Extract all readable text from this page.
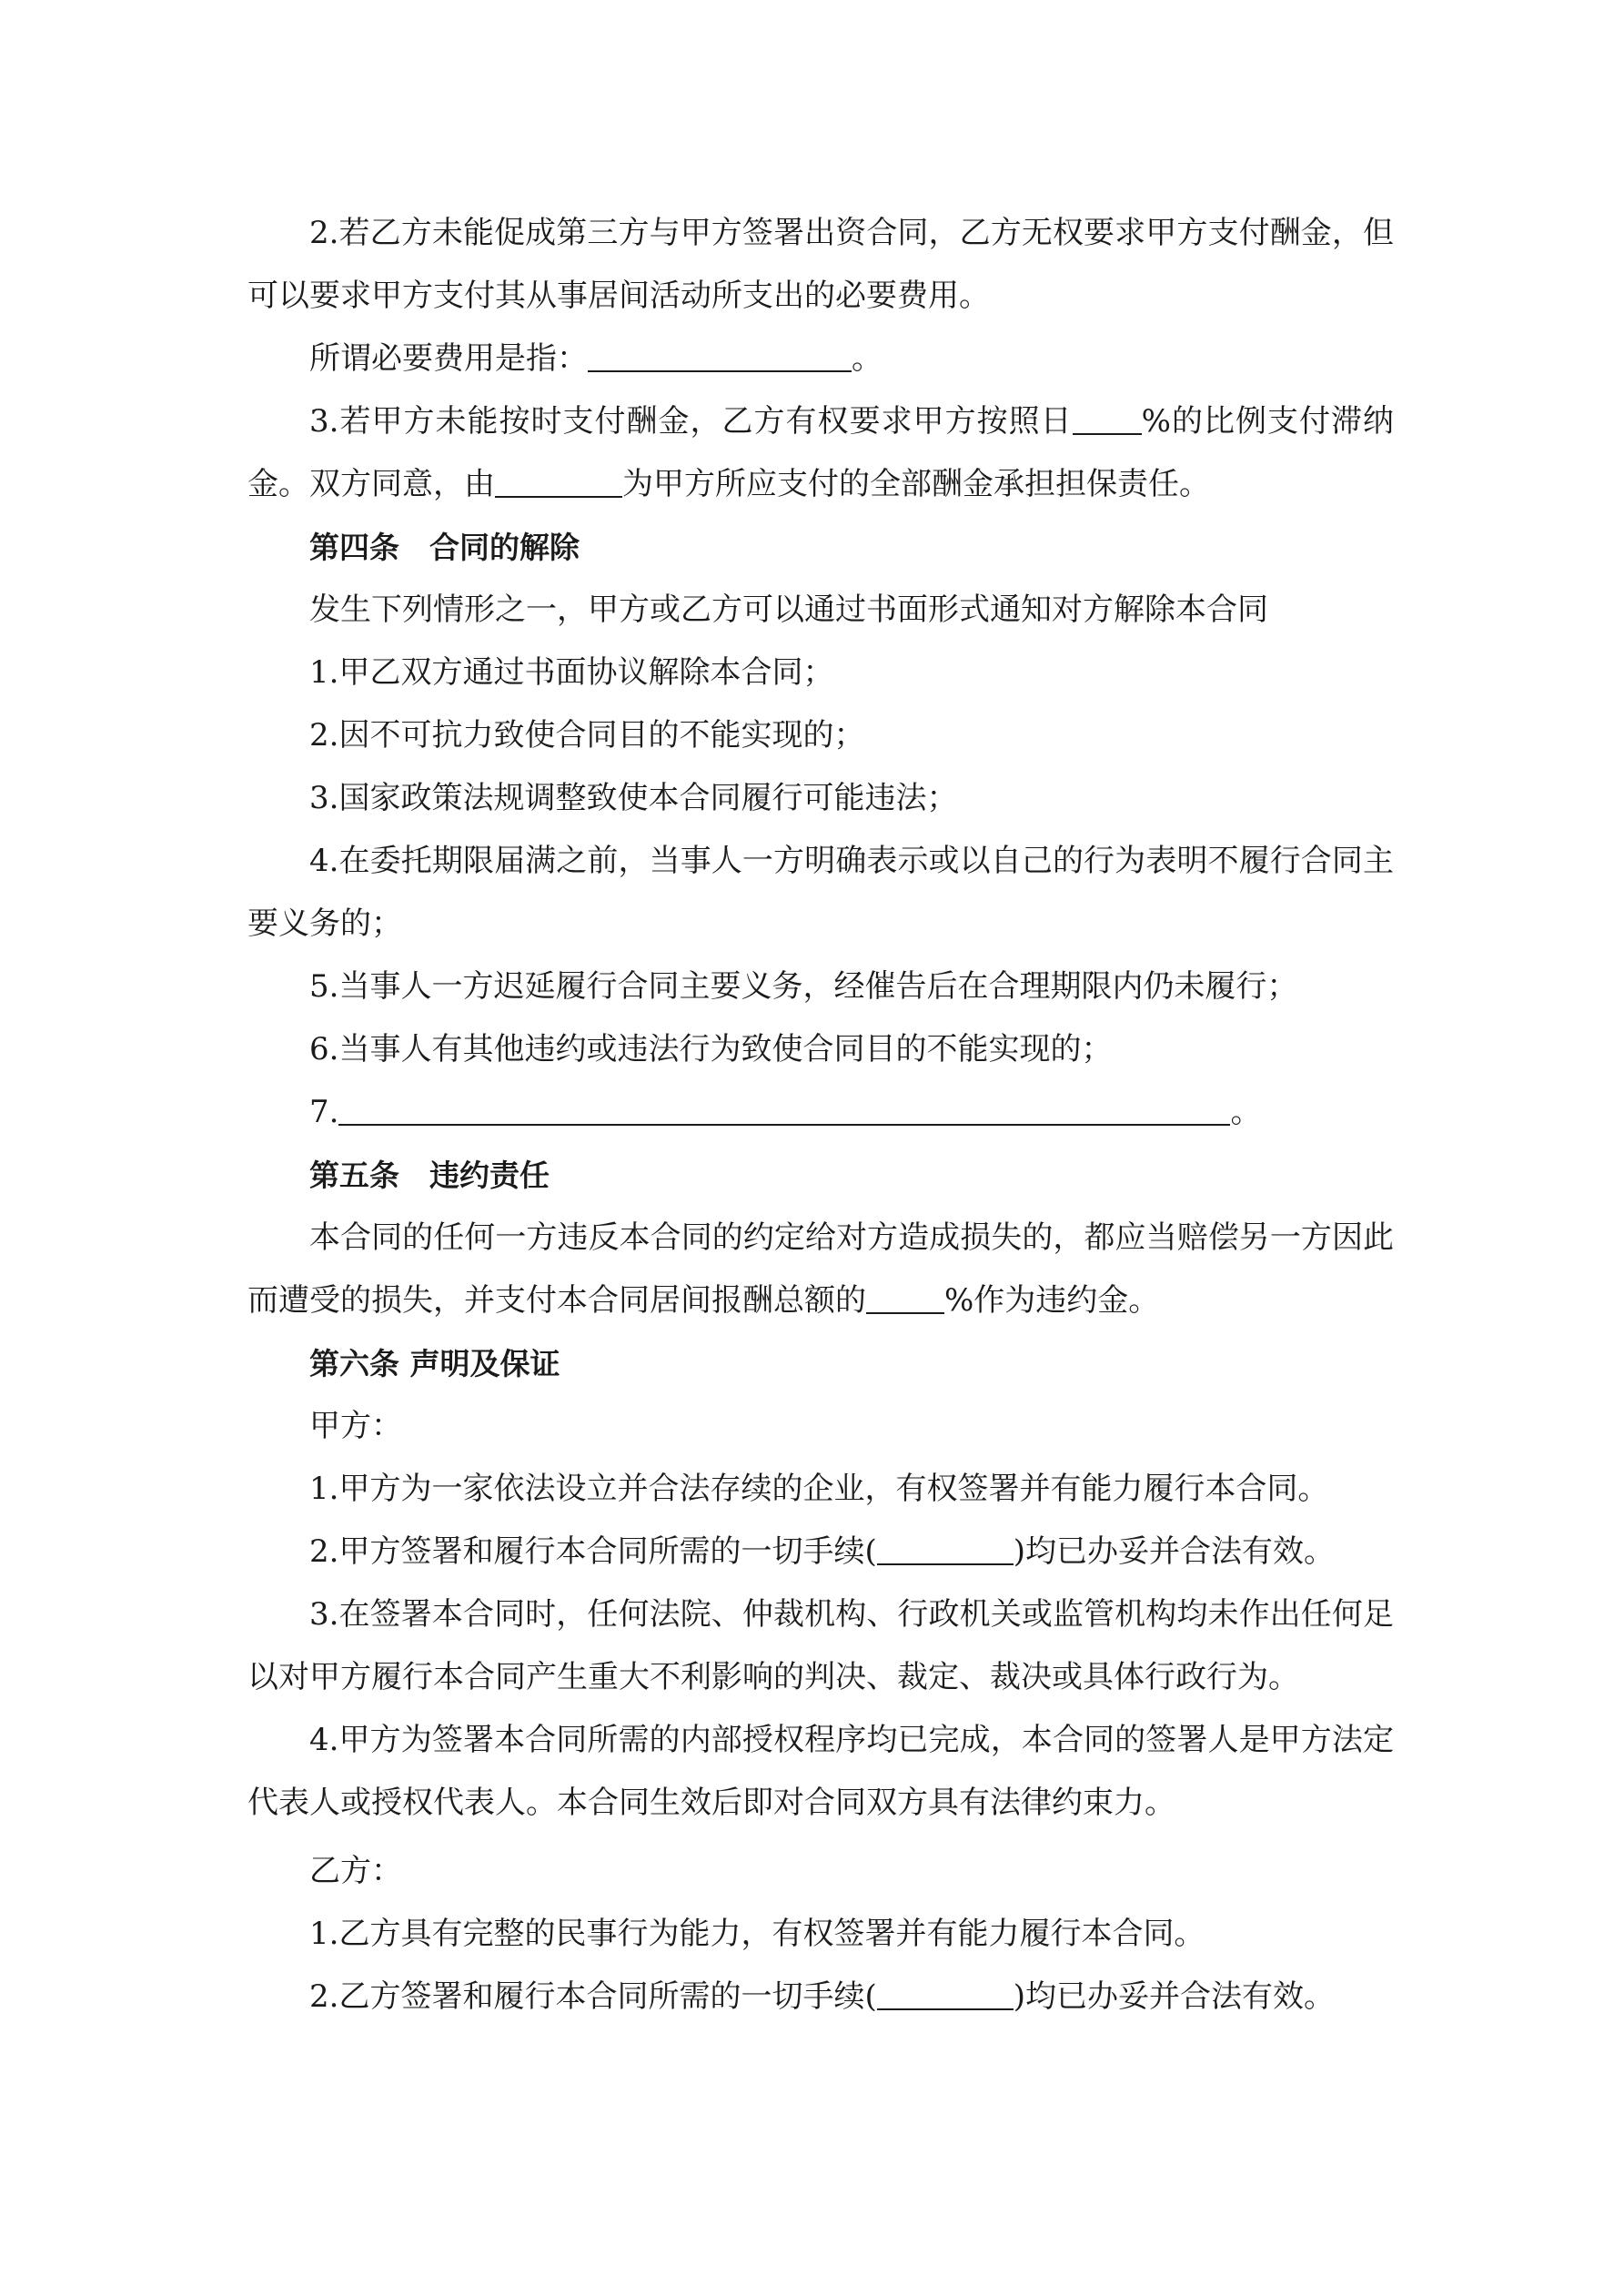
2.若乙方未能促成第三方与甲方签署出资合同，乙方无权要求甲方支付酬金，但可以要求甲方支付其从事居间活动所支出的必要费用。

所谓必要费用是指：	。

3.若甲方未能按时支付酬金，乙方有权要求甲方按照日 %的比例支付滞纳金。双方同意，由	为甲方所应支付的全部酬金承担担保责任。

第四条　合同的解除

发生下列情形之一，甲方或乙方可以通过书面形式通知对方解除本合同

1.甲乙双方通过书面协议解除本合同；

2.因不可抗力致使合同目的不能实现的；

3.国家政策法规调整致使本合同履行可能违法；

4.在委托期限届满之前，当事人一方明确表示或以自己的行为表明不履行合同主要义务的；

5.当事人一方迟延履行合同主要义务，经催告后在合理期限内仍未履行；

6.当事人有其他违约或违法行为致使合同目的不能实现的；

7.	。

第五条　违约责任

本合同的任何一方违反本合同的约定给对方造成损失的，都应当赔偿另一方因此而遭受的损失，并支付本合同居间报酬总额的	%作为违约金。

第六条 声明及保证

甲方：

1.甲方为一家依法设立并合法存续的企业，有权签署并有能力履行本合同。

2.甲方签署和履行本合同所需的一切手续(	)均已办妥并合法有效。

3.在签署本合同时，任何法院、仲裁机构、行政机关或监管机构均未作出任何足以对甲方履行本合同产生重大不利影响的判决、裁定、裁决或具体行政行为。

4.甲方为签署本合同所需的内部授权程序均已完成，本合同的签署人是甲方法定代表人或授权代表人。本合同生效后即对合同双方具有法律约束力。

乙方：

1.乙方具有完整的民事行为能力，有权签署并有能力履行本合同。

2.乙方签署和履行本合同所需的一切手续(	)均已办妥并合法有效。
